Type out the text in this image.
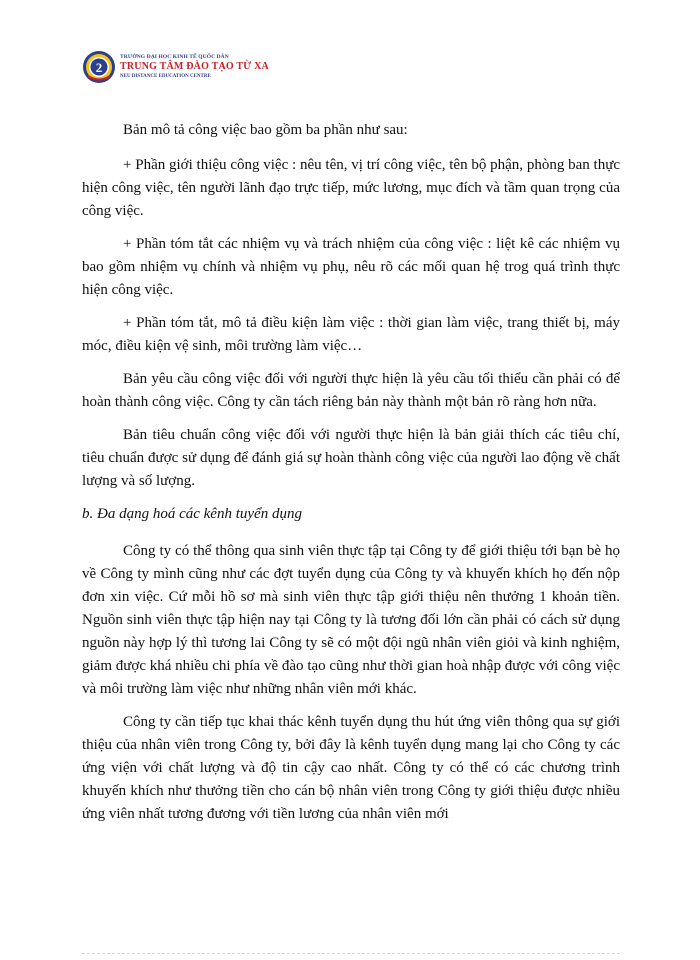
2
TRƯỜNG ĐẠI HỌC KINH TẾ QUỐC DÂN
TRUNG TÂM ĐÀO TẠO TỪ XA
NEU DISTANCE EDUCATION CENTRE

Bản mô tả công việc bao gồm ba phần như sau:

+ Phần giới thiệu công việc : nêu tên, vị trí công việc, tên bộ phận, phòng ban thực hiện công việc, tên người lãnh đạo trực tiếp, mức lương, mục đích và tầm quan trọng của công việc.

+ Phần tóm tắt các nhiệm vụ và trách nhiệm của công việc : liệt kê các nhiệm vụ bao gồm nhiệm vụ chính và nhiệm vụ phụ, nêu rõ các mối quan hệ trog quá trình thực hiện công việc.

+ Phần tóm tắt, mô tả điều kiện làm việc : thời gian làm việc, trang thiết bị, máy móc, điều kiện vệ sinh, môi trường làm việc…

Bản yêu cầu công việc đối với người thực hiện là yêu cầu tối thiểu cần phải có để hoàn thành công việc. Công ty cần tách riêng bản này thành một bản rõ ràng hơn nữa.

Bản tiêu chuẩn công việc đối với người thực hiện là bản giải thích các tiêu chí, tiêu chuẩn được sử dụng để đánh giá sự hoàn thành công việc của người lao động về chất lượng và số lượng.

b. Đa dạng hoá các kênh tuyển dụng

Công ty có thể thông qua sinh viên thực tập tại Công ty để giới thiệu tới bạn bè họ về Công ty mình cũng như các đợt tuyển dụng của Công ty và khuyến khích họ đến nộp đơn xin việc. Cứ mỗi hồ sơ mà sinh viên thực tập giới thiệu nên thưởng 1 khoản tiền. Nguồn sinh viên thực tập hiện nay tại Công ty là tương đối lớn cần phải có cách sử dụng nguồn này hợp lý thì tương lai Công ty sẽ có một đội ngũ nhân viên giỏi và kinh nghiệm, giảm được khá nhiều chi phía về đào tạo cũng như thời gian hoà nhập được với công việc và môi trường làm việc như những nhân viên mới khác.

Công ty cần tiếp tục khai thác kênh tuyển dụng thu hút ứng viên thông qua sự giới thiệu của nhân viên trong Công ty, bởi đây là kênh tuyển dụng mang lại cho Công ty các ứng viện với chất lượng và độ tin cậy cao nhất. Công ty có thể có các chương trình khuyến khích như thưởng tiền cho cán bộ nhân viên trong Công ty giới thiệu được nhiều ứng viên nhất tương đương với tiền lương của nhân viên mới
